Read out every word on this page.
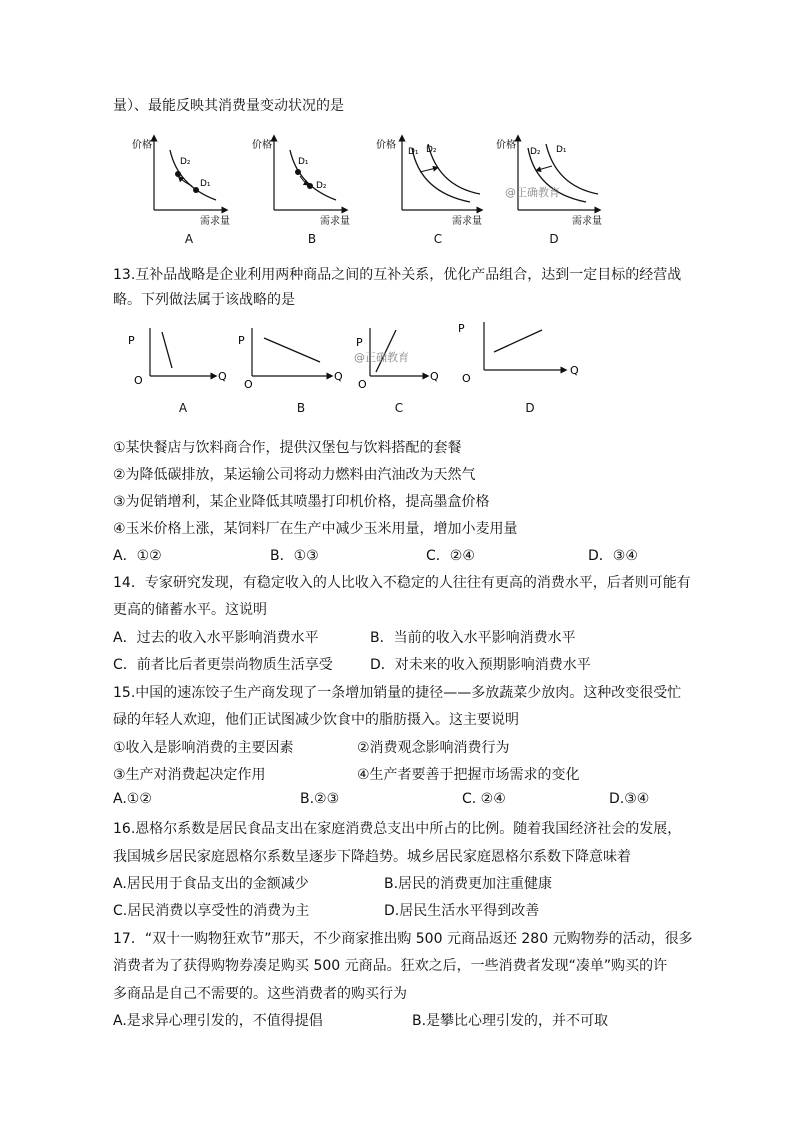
量）、最能反映其消费量变动状况的是
价格
需求量
D₂
D₁
价格
需求量
D₁
D₂
价格
需求量
D₁ D₂	价格
需求量
D₂ D₁
@正确教育
A	B	C	D
13.互补品战略是企业利用两种商品之间的互补关系，优化产品组合，达到一定目标的经营战
略。下列做法属于该战略的是
P
O	Q
P
O
Q
P
O
Q
P
O
Q
@正确教育
A	B	C	D
①某快餐店与饮料商合作，提供汉堡包与饮料搭配的套餐
②为降低碳排放，某运输公司将动力燃料由汽油改为天然气
③为促销增利，某企业降低其喷墨打印机价格，提高墨盒价格
④玉米价格上涨，某饲料厂在生产中减少玉米用量，增加小麦用量
A．①②	B．①③	C．②④	D．③④
14．专家研究发现，有稳定收入的人比收入不稳定的人往往有更高的消费水平，后者则可能有
更高的储蓄水平。这说明
A．过去的收入水平影响消费水平	B．当前的收入水平影响消费水平
C．前者比后者更崇尚物质生活享受	D．对未来的收入预期影响消费水平
15.中国的速冻饺子生产商发现了一条增加销量的捷径——多放蔬菜少放肉。这种改变很受忙
碌的年轻人欢迎，他们正试图减少饮食中的脂肪摄入。这主要说明
①收入是影响消费的主要因素	②消费观念影响消费行为
③生产对消费起决定作用	④生产者要善于把握市场需求的变化
A.①②	B.②③	C. ②④	D.③④
16.恩格尔系数是居民食品支出在家庭消费总支出中所占的比例。随着我国经济社会的发展，
我国城乡居民家庭恩格尔系数呈逐步下降趋势。城乡居民家庭恩格尔系数下降意味着
A.居民用于食品支出的金额减少	B.居民的消费更加注重健康
C.居民消费以享受性的消费为主	D.居民生活水平得到改善
17．“双十一购物狂欢节”那天，不少商家推出购 500 元商品返还 280 元购物券的活动，很多
消费者为了获得购物券凑足购买 500 元商品。狂欢之后，一些消费者发现“凑单”购买的许
多商品是自己不需要的。这些消费者的购买行为
A.是求异心理引发的，不值得提倡	B.是攀比心理引发的，并不可取
